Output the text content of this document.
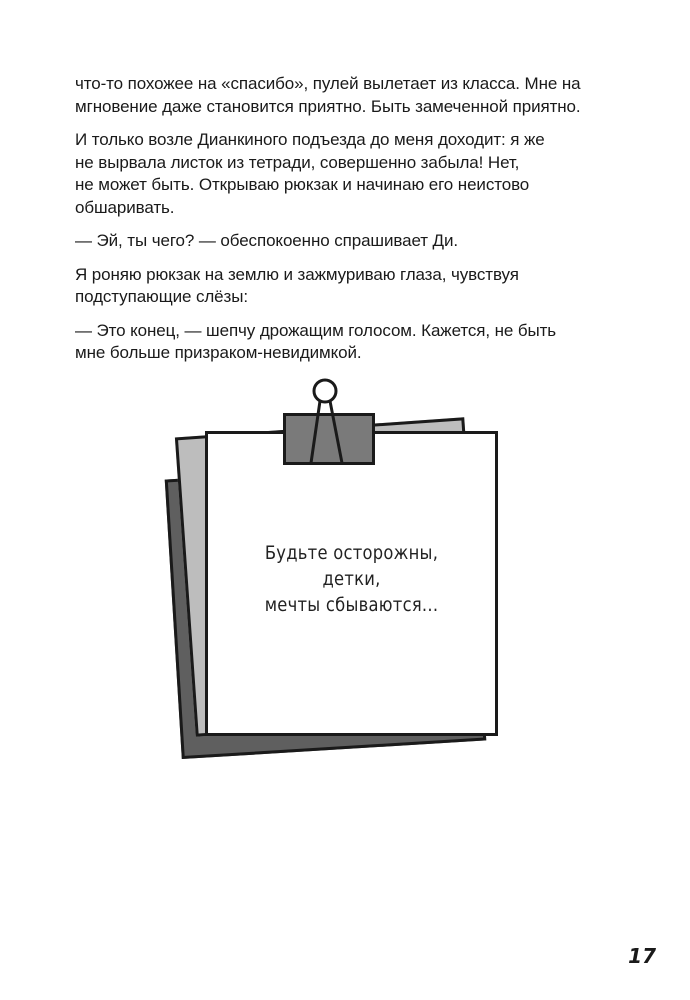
что-то похожее на «спасибо», пулей вылетает из класса. Мне на
мгновение даже становится приятно. Быть замеченной приятно.

И только возле Дианкиного подъезда до меня доходит: я же
не вырвала листок из тетради, совершенно забыла! Нет,
не может быть. Открываю рюкзак и начинаю его неистово
обшаривать.

— Эй, ты чего? — обеспокоенно спрашивает Ди.

Я роняю рюкзак на землю и зажмуриваю глаза, чувствуя
подступающие слёзы:

— Это конец, — шепчу дрожащим голосом. Кажется, не быть
мне больше призраком-невидимкой.

Будьте осторожны,
детки,
мечты сбываются...
17
